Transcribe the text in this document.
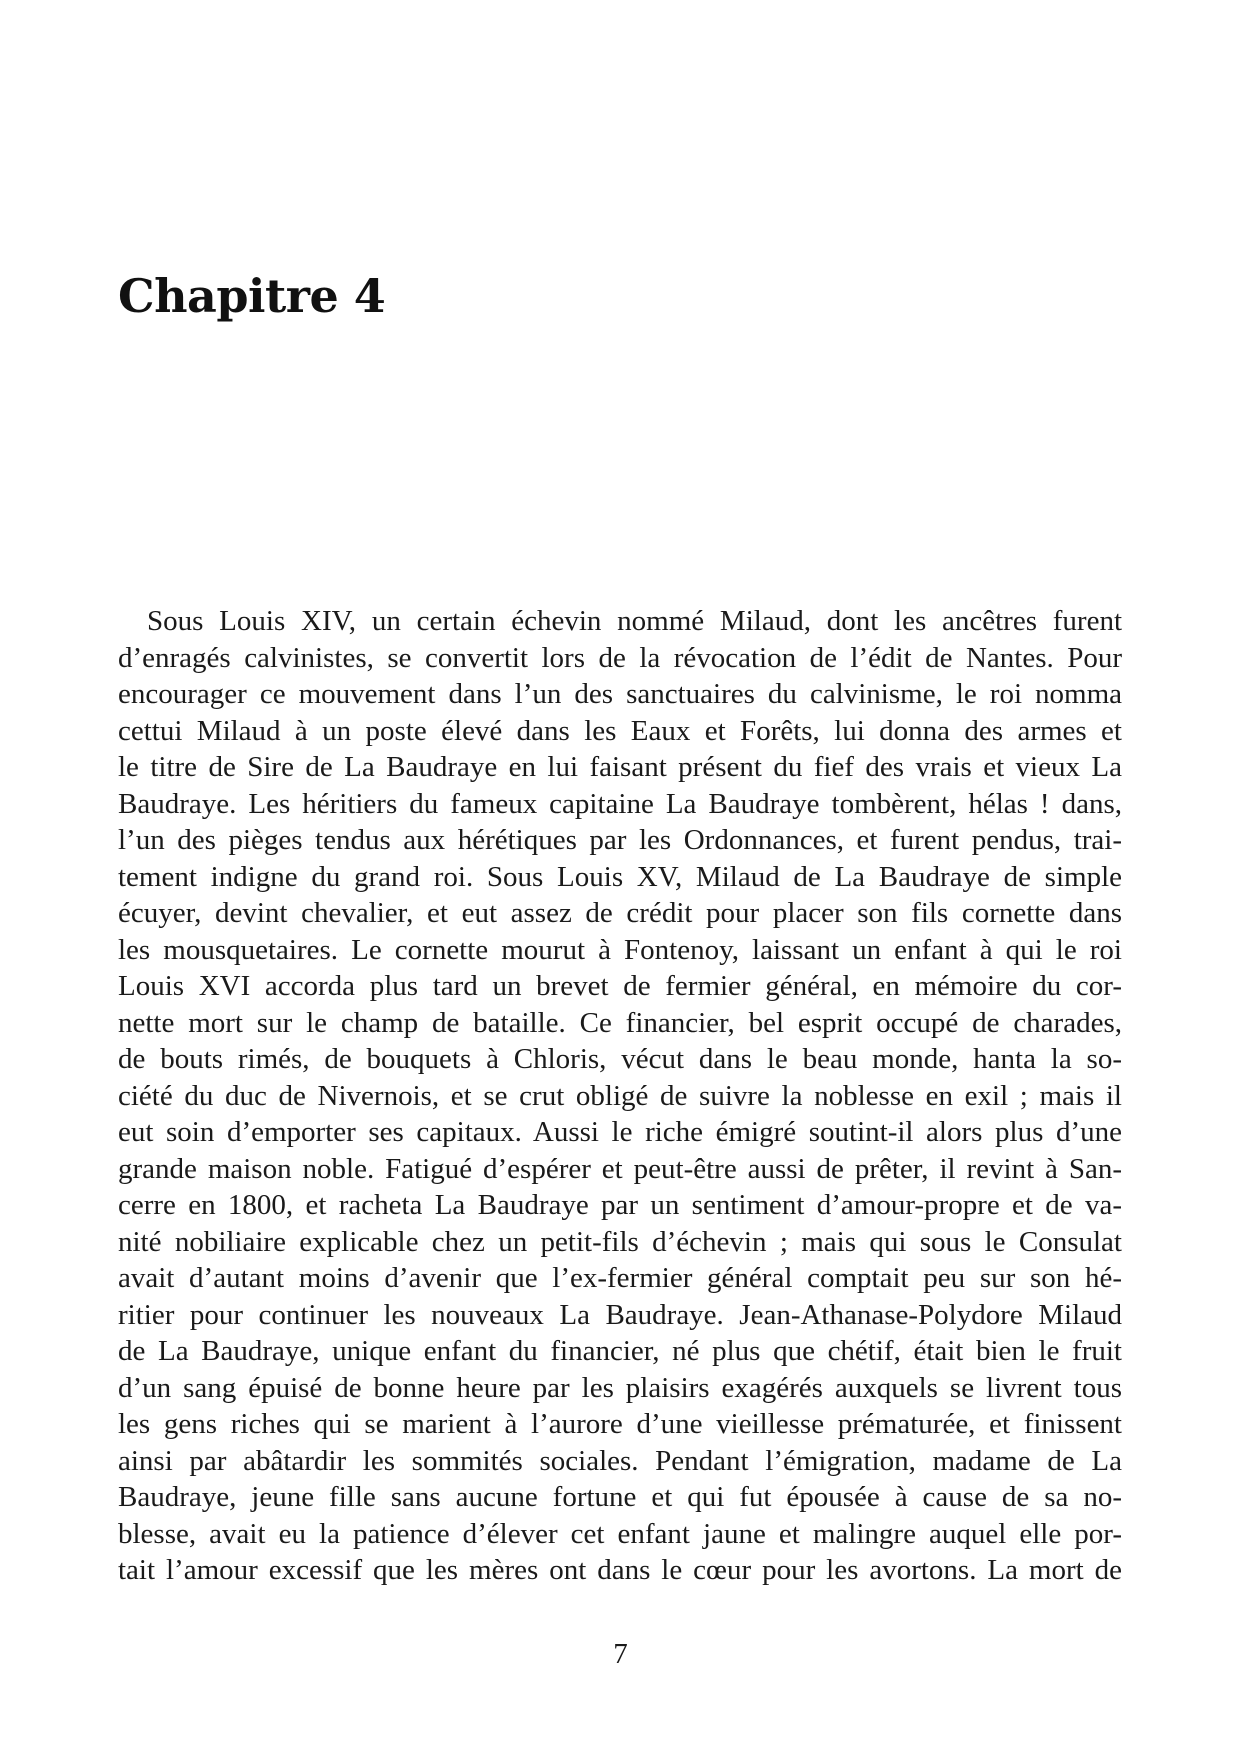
Chapitre 4
Sous Louis XIV, un certain échevin nommé Milaud, dont les ancêtres furent
d’enragés calvinistes, se convertit lors de la révocation de l’édit de Nantes. Pour
encourager ce mouvement dans l’un des sanctuaires du calvinisme, le roi nomma
cettui Milaud à un poste élevé dans les Eaux et Forêts, lui donna des armes et
le titre de Sire de La Baudraye en lui faisant présent du fief des vrais et vieux La
Baudraye. Les héritiers du fameux capitaine La Baudraye tombèrent, hélas ! dans,
l’un des pièges tendus aux hérétiques par les Ordonnances, et furent pendus, trai-
tement indigne du grand roi. Sous Louis XV, Milaud de La Baudraye de simple
écuyer, devint chevalier, et eut assez de crédit pour placer son fils cornette dans
les mousquetaires. Le cornette mourut à Fontenoy, laissant un enfant à qui le roi
Louis XVI accorda plus tard un brevet de fermier général, en mémoire du cor-
nette mort sur le champ de bataille. Ce financier, bel esprit occupé de charades,
de bouts rimés, de bouquets à Chloris, vécut dans le beau monde, hanta la so-
ciété du duc de Nivernois, et se crut obligé de suivre la noblesse en exil ; mais il
eut soin d’emporter ses capitaux. Aussi le riche émigré soutint-il alors plus d’une
grande maison noble. Fatigué d’espérer et peut-être aussi de prêter, il revint à San-
cerre en 1800, et racheta La Baudraye par un sentiment d’amour-propre et de va-
nité nobiliaire explicable chez un petit-fils d’échevin ; mais qui sous le Consulat
avait d’autant moins d’avenir que l’ex-fermier général comptait peu sur son hé-
ritier pour continuer les nouveaux La Baudraye. Jean-Athanase-Polydore Milaud
de La Baudraye, unique enfant du financier, né plus que chétif, était bien le fruit
d’un sang épuisé de bonne heure par les plaisirs exagérés auxquels se livrent tous
les gens riches qui se marient à l’aurore d’une vieillesse prématurée, et finissent
ainsi par abâtardir les sommités sociales. Pendant l’émigration, madame de La
Baudraye, jeune fille sans aucune fortune et qui fut épousée à cause de sa no-
blesse, avait eu la patience d’élever cet enfant jaune et malingre auquel elle por-
tait l’amour excessif que les mères ont dans le cœur pour les avortons. La mort de
7
